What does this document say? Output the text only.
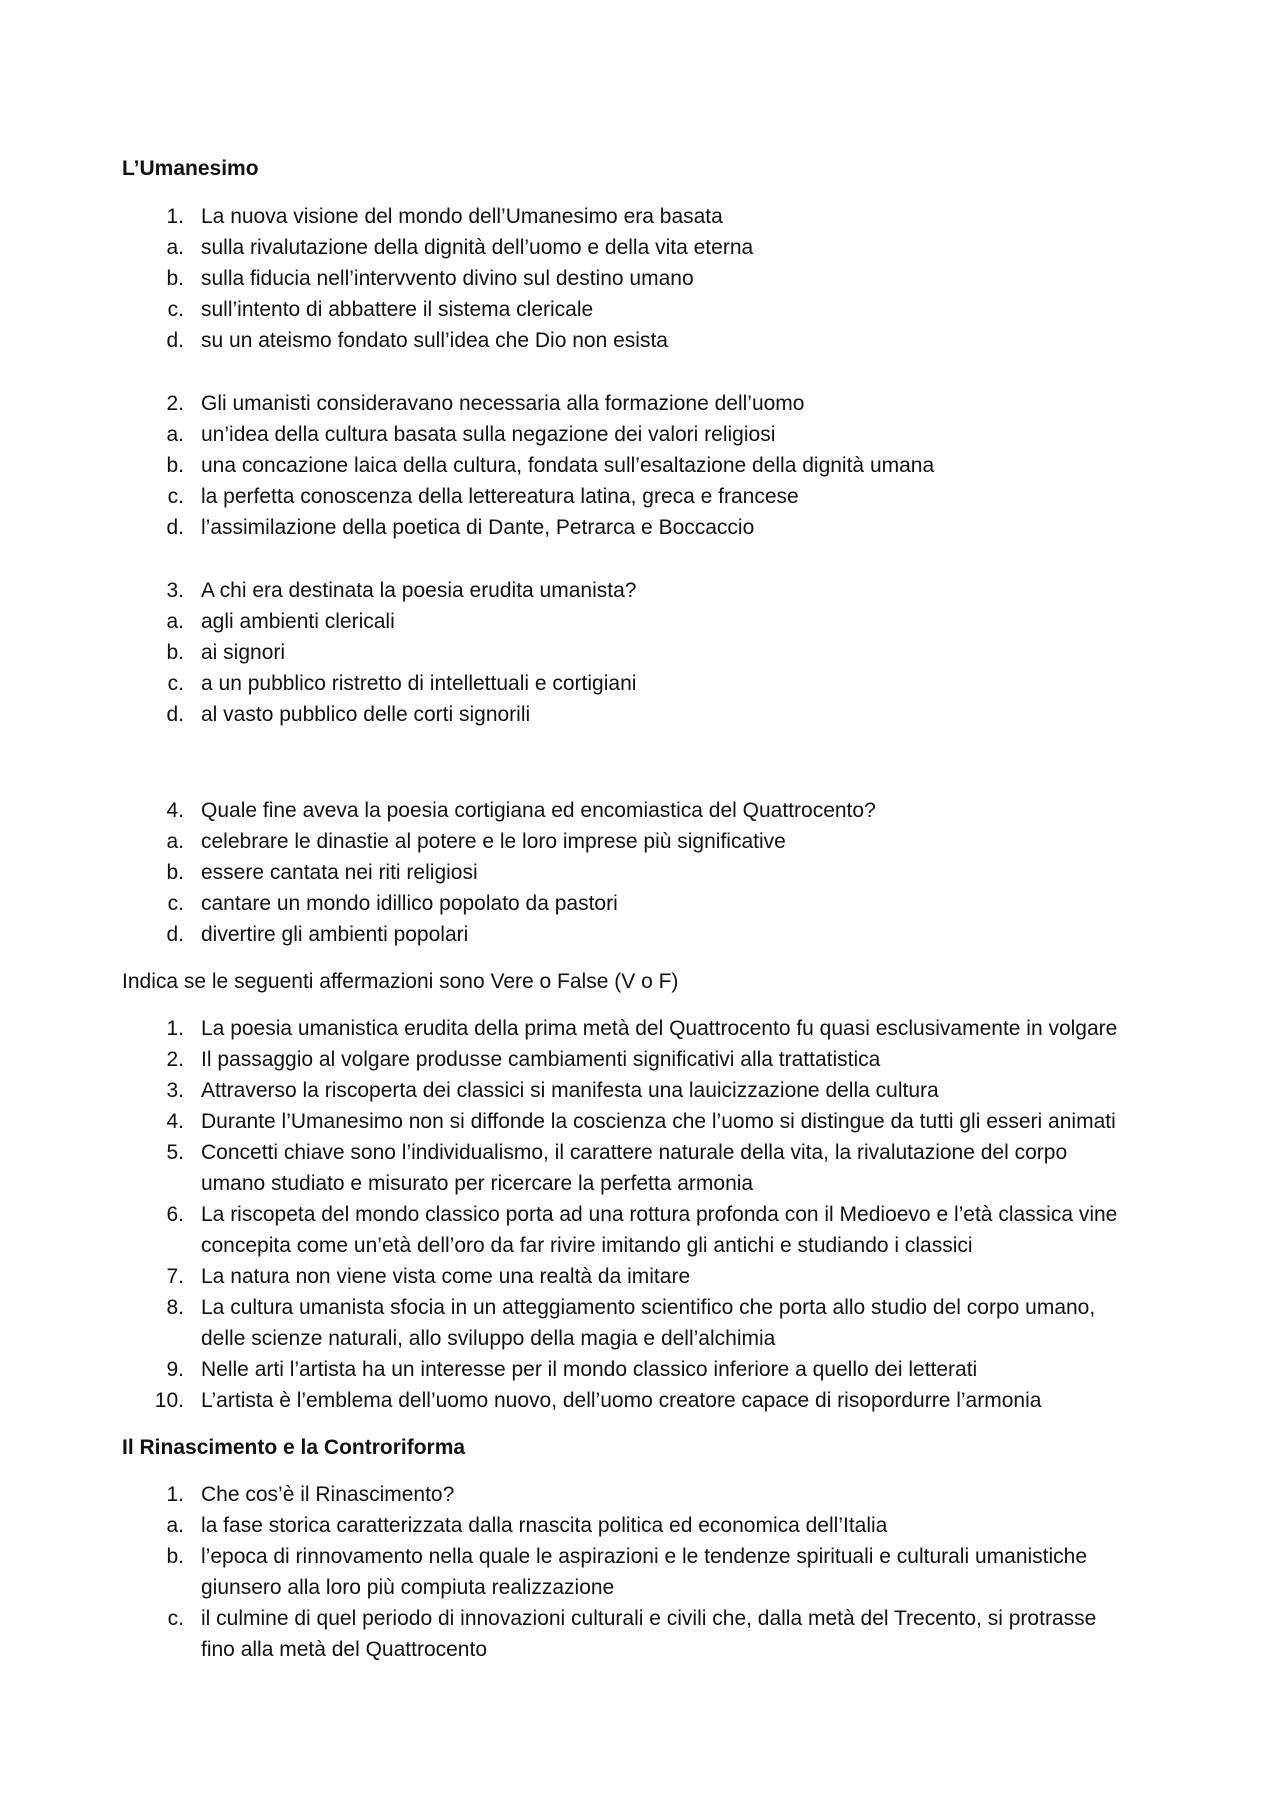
L’Umanesimo
1. La nuova visione del mondo dell’Umanesimo era basata
a. sulla rivalutazione della dignità dell’uomo e della vita eterna
b. sulla fiducia nell’intervvento divino sul destino umano
c. sull’intento di abbattere il sistema clericale
d. su un ateismo fondato sull’idea che Dio non esista
2. Gli umanisti consideravano necessaria alla formazione dell’uomo
a. un’idea della cultura basata sulla negazione dei valori religiosi
b. una concazione laica della cultura, fondata sull’esaltazione della dignità umana
c. la perfetta conoscenza della lettereatura latina, greca e francese
d. l’assimilazione della poetica di Dante, Petrarca e Boccaccio
3. A chi era destinata la poesia erudita umanista?
a. agli ambienti clericali
b. ai signori
c. a un pubblico ristretto di intellettuali e cortigiani
d. al vasto pubblico delle corti signorili
4. Quale fine aveva la poesia cortigiana ed encomiastica del Quattrocento?
a. celebrare le dinastie al potere e le loro imprese più significative
b. essere cantata nei riti religiosi
c. cantare un mondo idillico popolato da pastori
d. divertire gli ambienti popolari
Indica se le seguenti affermazioni sono Vere o False (V o F)
1. La poesia umanistica erudita della prima metà del Quattrocento fu quasi esclusivamente in volgare
2. Il passaggio al volgare produsse cambiamenti significativi alla trattatistica
3. Attraverso la riscoperta dei classici si manifesta una lauicizzazione della cultura
4. Durante l’Umanesimo non si diffonde la coscienza che l’uomo si distingue da tutti gli esseri animati
5. Concetti chiave sono l’individualismo, il carattere naturale della vita, la rivalutazione del corpo
umano studiato e misurato per ricercare la perfetta armonia
6. La riscopeta del mondo classico porta ad una rottura profonda con il Medioevo e l’età classica vine
concepita come un’età dell’oro da far rivire imitando gli antichi e studiando i classici
7. La natura non viene vista come una realtà da imitare
8. La cultura umanista sfocia in un atteggiamento scientifico che porta allo studio del corpo umano,
delle scienze naturali, allo sviluppo della magia e dell’alchimia
9. Nelle arti l’artista ha un interesse per il mondo classico inferiore a quello dei letterati
10. L’artista è l’emblema dell’uomo nuovo, dell’uomo creatore capace di risopordurre l’armonia
Il Rinascimento e la Controriforma
1. Che cos’è il Rinascimento?
a. la fase storica caratterizzata dalla rnascita politica ed economica dell’Italia
b. l’epoca di rinnovamento nella quale le aspirazioni e le tendenze spirituali e culturali umanistiche
giunsero alla loro più compiuta realizzazione
c. il culmine di quel periodo di innovazioni culturali e civili che, dalla metà del Trecento, si protrasse
fino alla metà del Quattrocento
